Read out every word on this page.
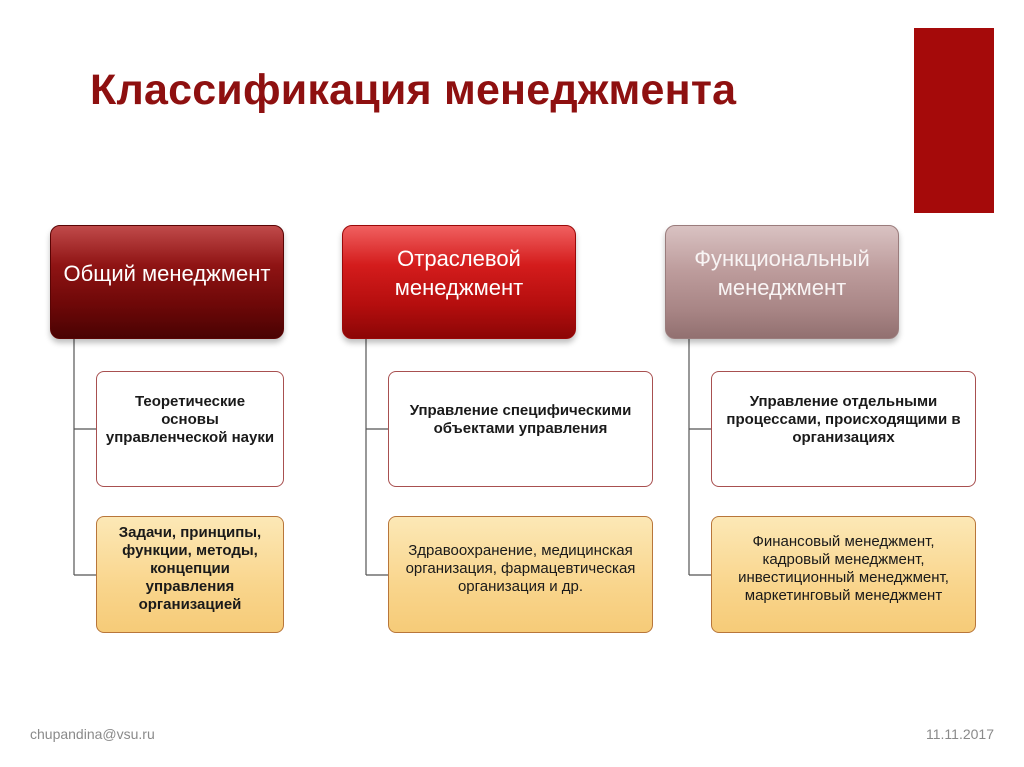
Классификация менеджмента
Общий менеджмент
Отраслевой менеджмент
Функциональный менеджмент
Теоретические основы управленческой науки
Задачи, принципы, функции, методы, концепции управления организацией
Управление специфическими объектами управления
Здравоохранение, медицинская организация, фармацевтическая организация и др.
Управление отдельными процессами, происходящими в организациях
Финансовый менеджмент, кадровый менеджмент, инвестиционный менеджмент, маркетинговый менеджмент
chupandina@vsu.ru	11.11.2017
